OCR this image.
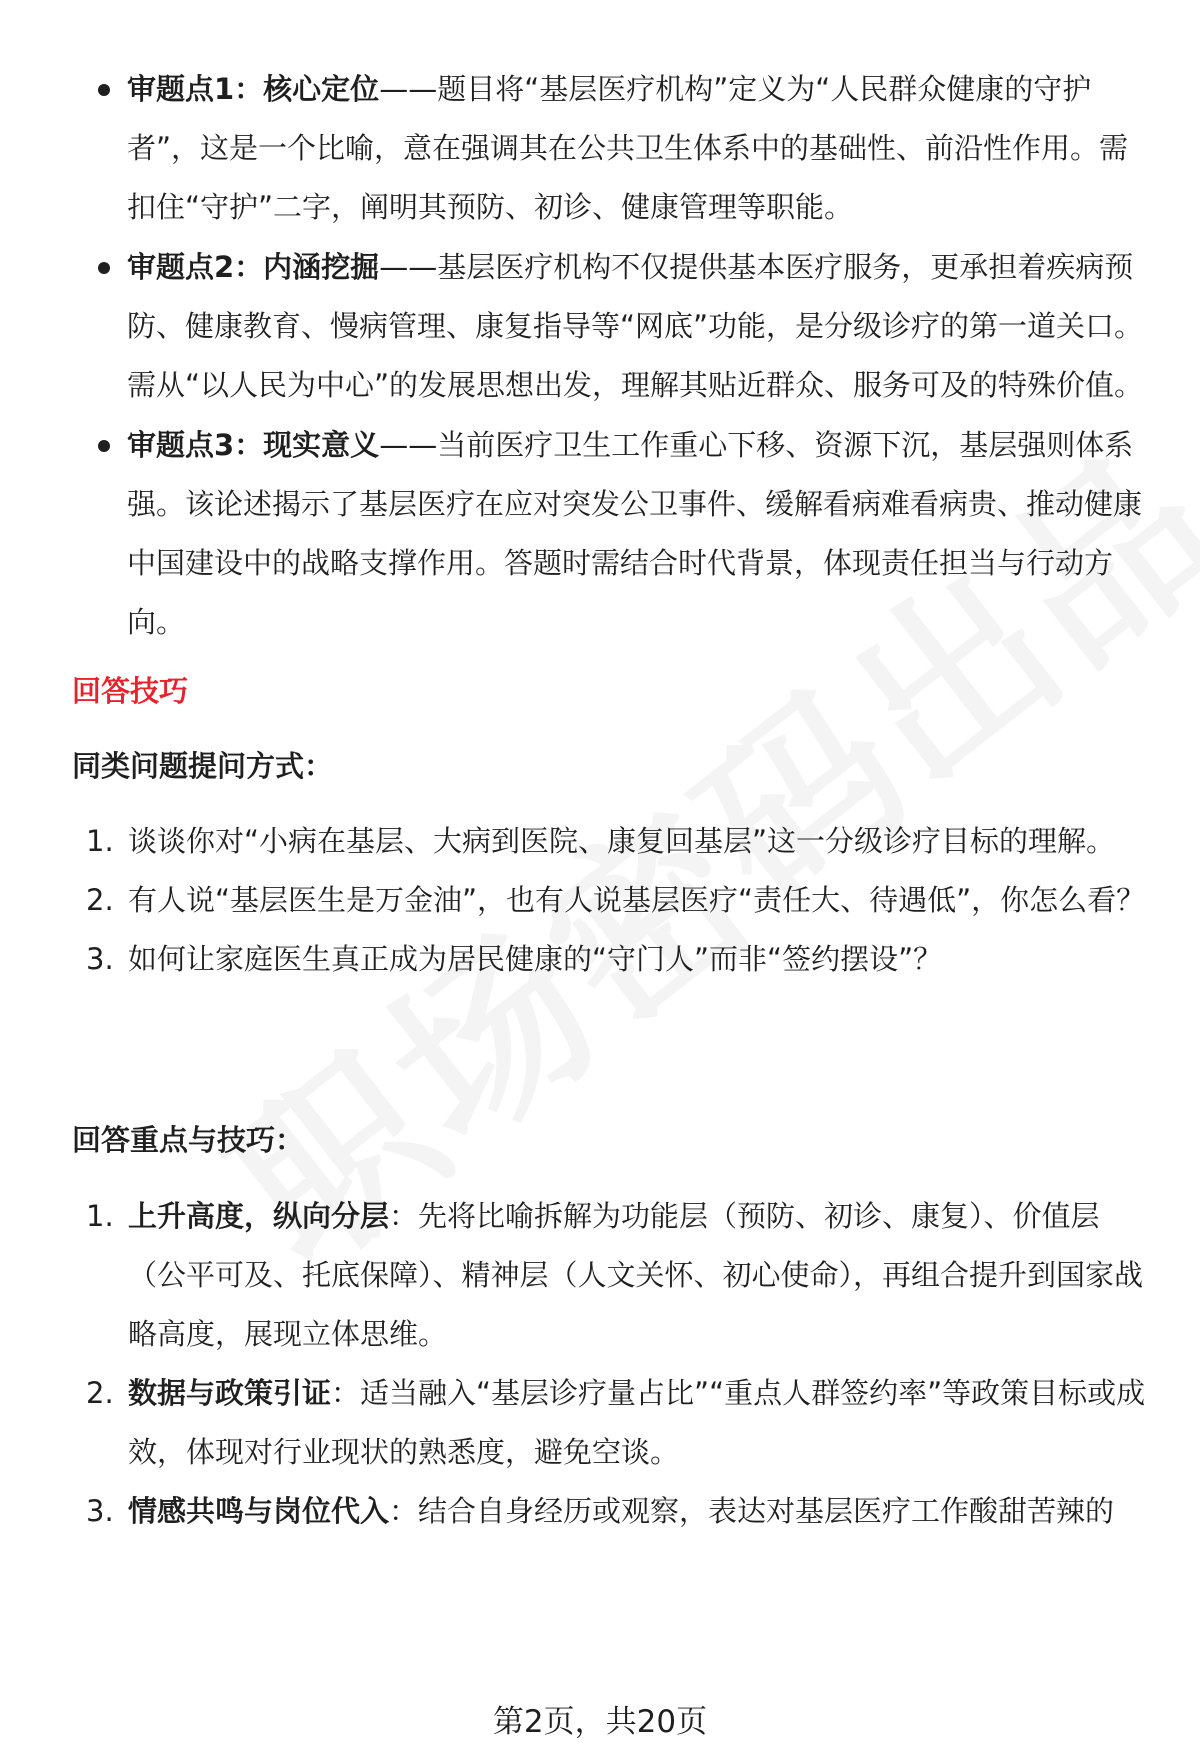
审题点1：核心定位——题目将“基层医疗机构”定义为“人民群众健康的守护者”，这是一个比喻，意在强调其在公共卫生体系中的基础性、前沿性作用。需扣住“守护”二字，阐明其预防、初诊、健康管理等职能。
审题点2：内涵挖掘——基层医疗机构不仅提供基本医疗服务，更承担着疾病预防、健康教育、慢病管理、康复指导等“网底”功能，是分级诊疗的第一道关口。需从“以人民为中心”的发展思想出发，理解其贴近群众、服务可及的特殊价值。
审题点3：现实意义——当前医疗卫生工作重心下移、资源下沉，基层强则体系强。该论述揭示了基层医疗在应对突发公卫事件、缓解看病难看病贵、推动健康中国建设中的战略支撑作用。答题时需结合时代背景，体现责任担当与行动方向。
回答技巧
同类问题提问方式：
1. 谈谈你对“小病在基层、大病到医院、康复回基层”这一分级诊疗目标的理解。
2. 有人说“基层医生是万金油”，也有人说基层医疗“责任大、待遇低”，你怎么看？
3. 如何让家庭医生真正成为居民健康的“守门人”而非“签约摆设”？
回答重点与技巧：
1. 上升高度，纵向分层：先将比喻拆解为功能层（预防、初诊、康复）、价值层（公平可及、托底保障）、精神层（人文关怀、初心使命），再组合提升到国家战略高度，展现立体思维。
2. 数据与政策引证：适当融入“基层诊疗量占比”“重点人群签约率”等政策目标或成效，体现对行业现状的熟悉度，避免空谈。
3. 情感共鸣与岗位代入：结合自身经历或观察，表达对基层医疗工作酸甜苦辣的
第2页，共20页
